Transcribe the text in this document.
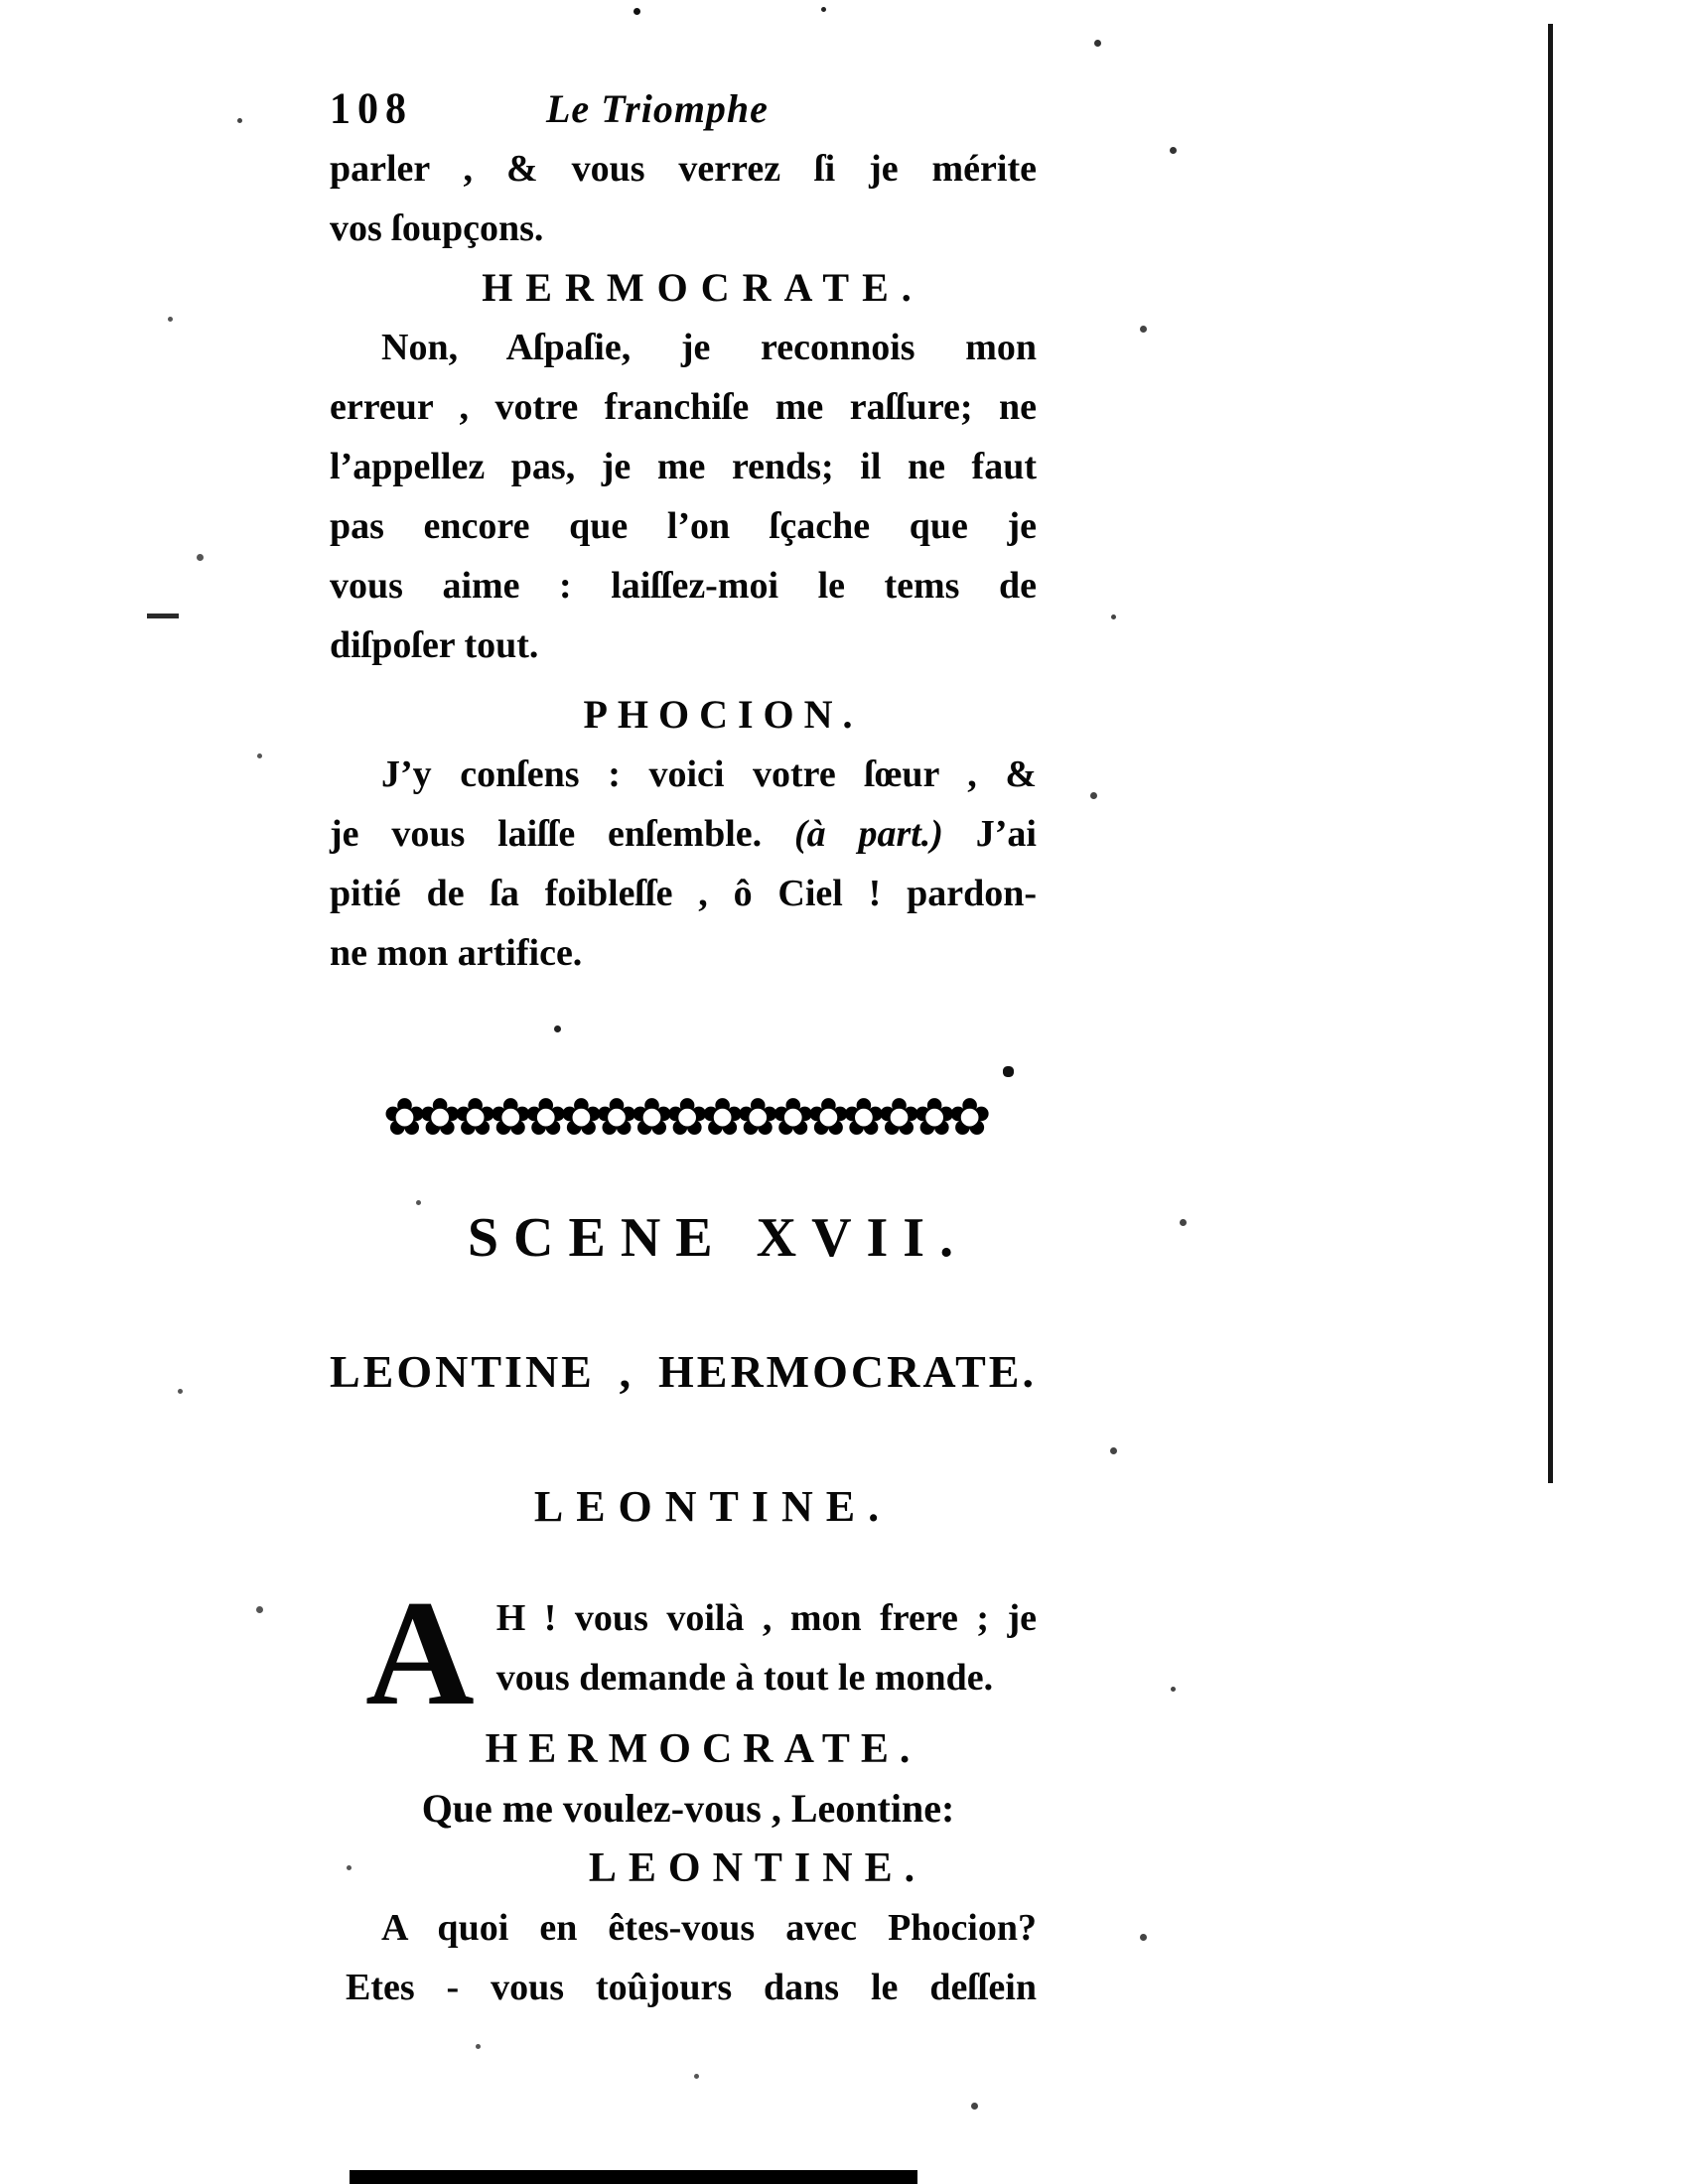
108	Le Triomphe
parler , & vous verrez ſi je mérite
vos ſoupçons.
HERMOCRATE.
Non, Aſpaſie, je reconnois mon
erreur , votre franchiſe me raſſure; ne
l’appellez pas, je me rends; il ne faut
pas encore que l’on ſçache que je
vous aime : laiſſez-moi le tems de
diſpoſer tout.
PHOCION.
J’y conſens : voici votre ſœur , &
je vous laiſſe enſemble. (à part.) J’ai
pitié de ſa foibleſſe , ô Ciel ! pardon-
ne mon artifice.
✿✿✿✿✿✿✿✿✿✿✿✿✿✿✿✿✿
SCENE XVII.
LEONTINE , HERMOCRATE.
LEONTINE.
A H ! vous voilà , mon frere ; je
vous demande à tout le monde.
HERMOCRATE.
Que me voulez-vous , Leontine:
LEONTINE.
A quoi en êtes-vous avec Phocion?
Etes - vous toûjours dans le deſſein
